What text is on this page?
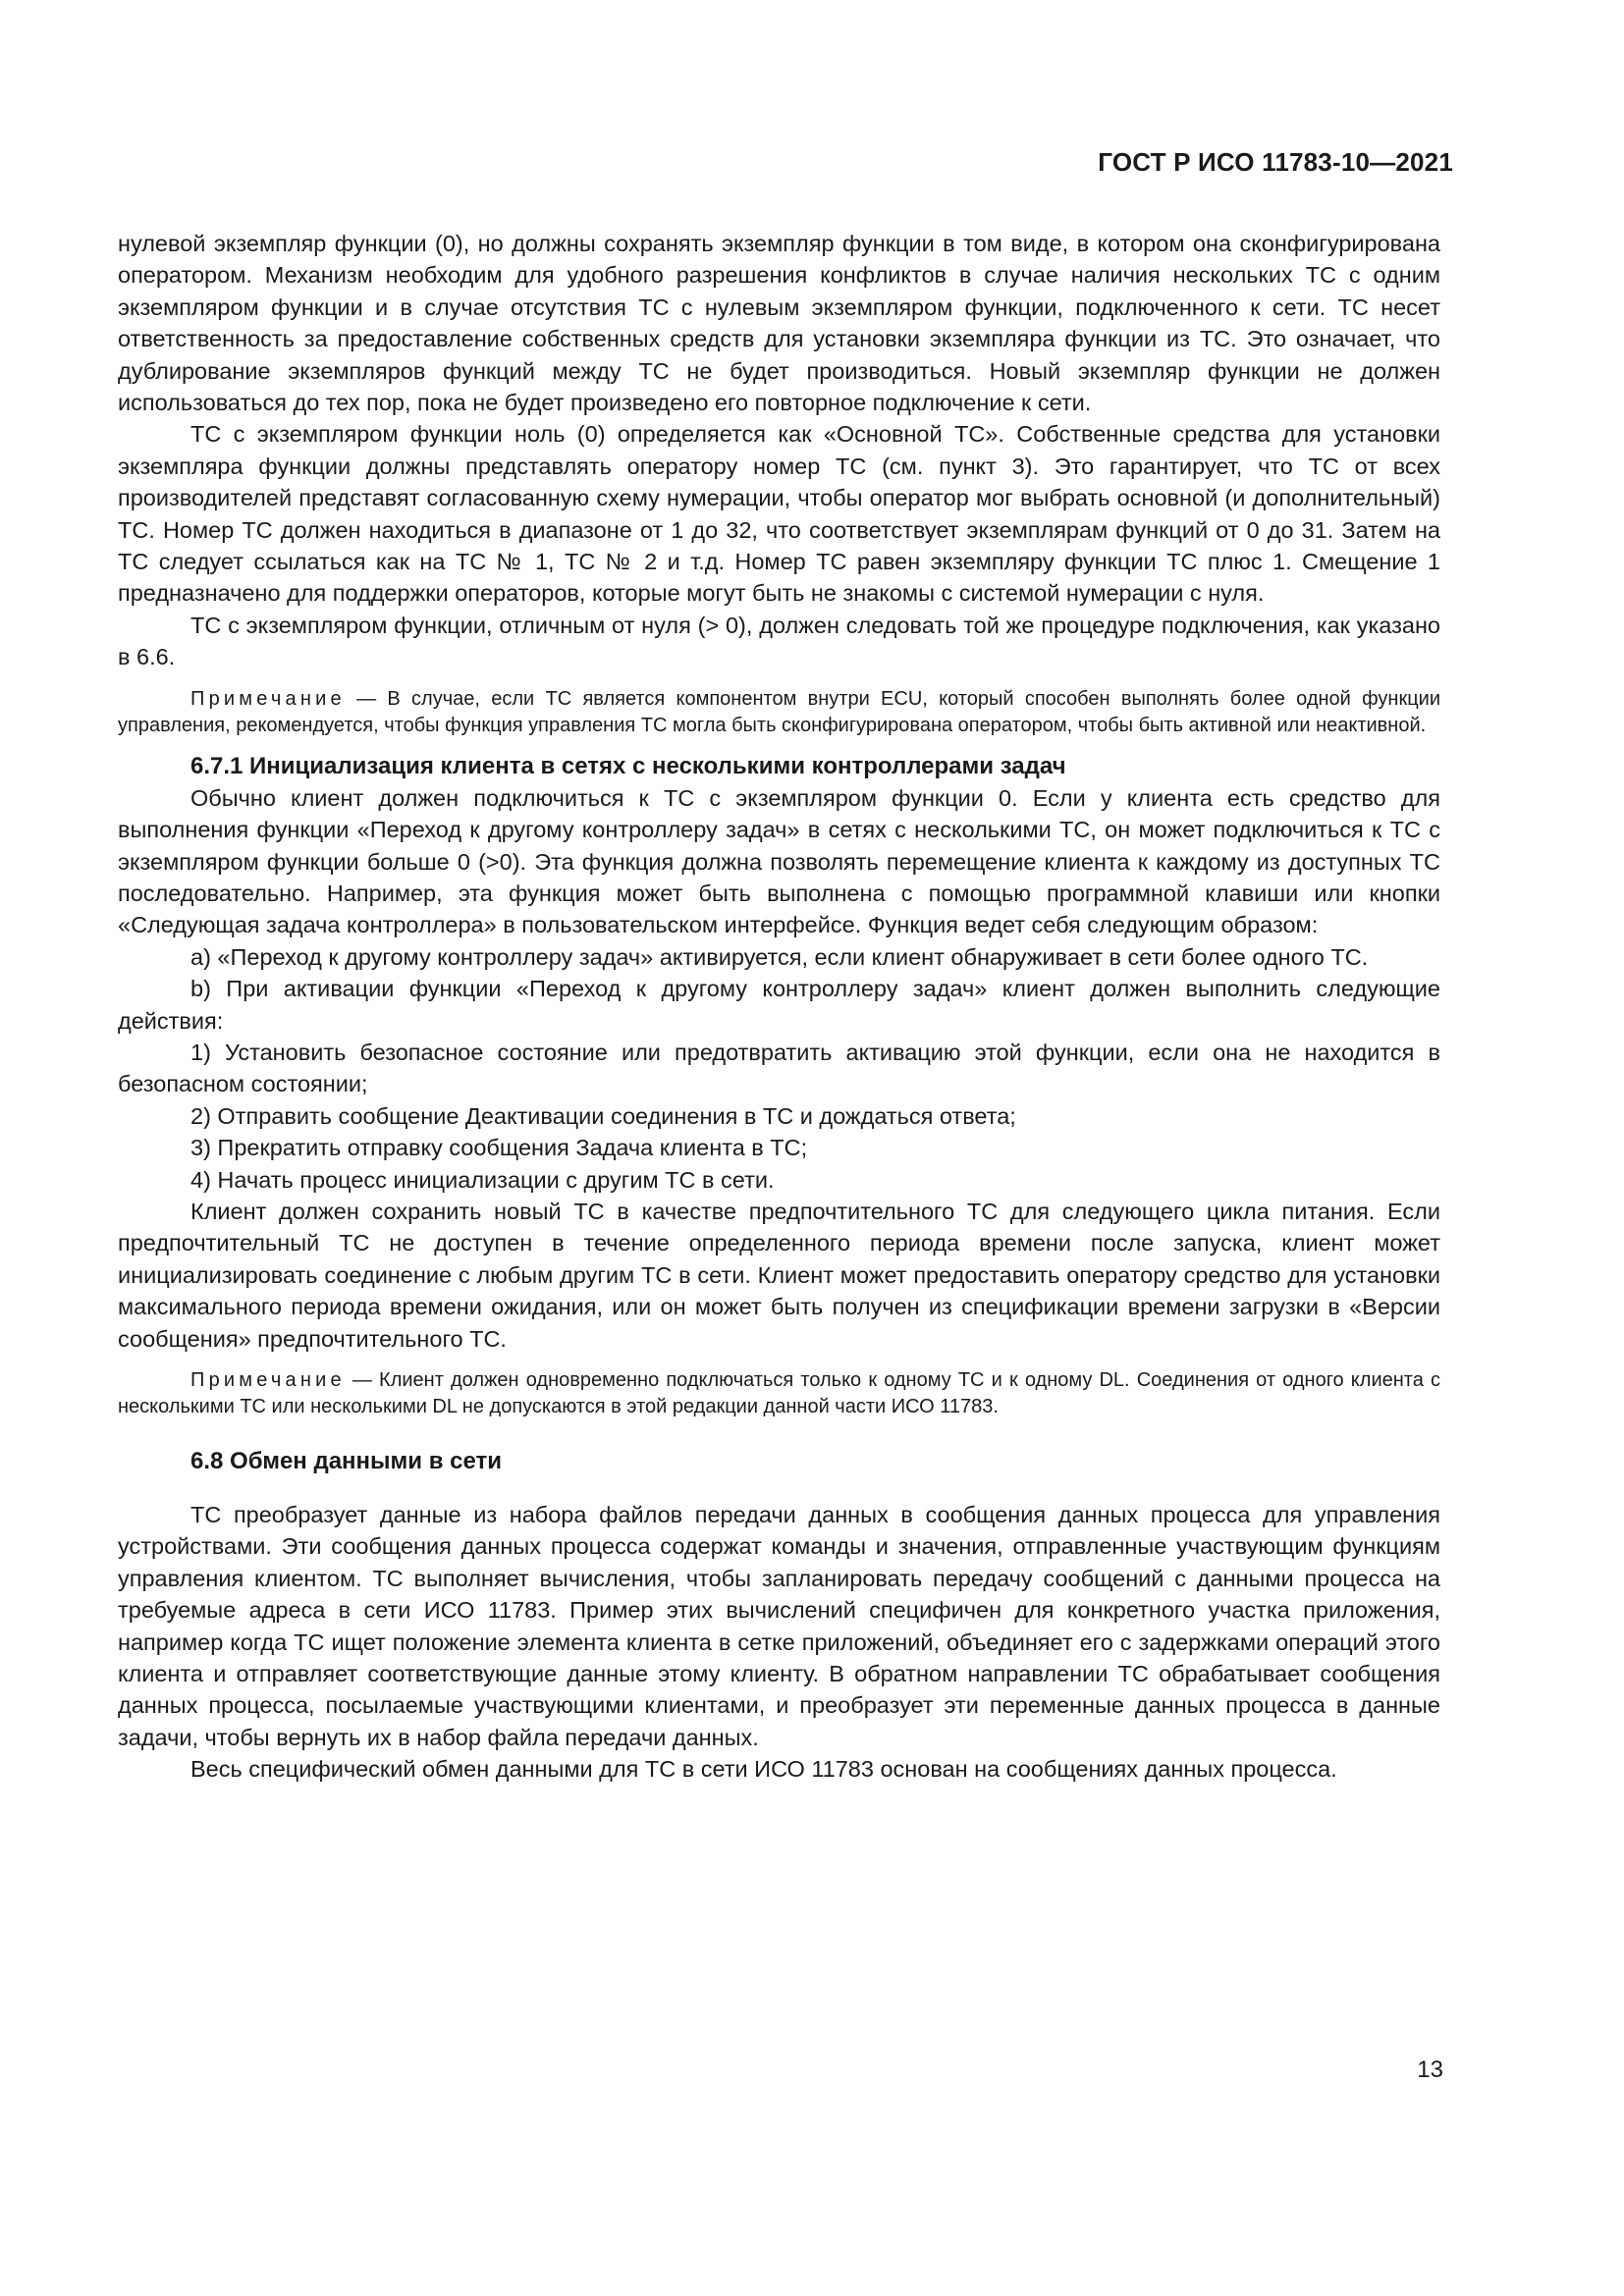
ГОСТ Р ИСО 11783-10—2021

нулевой экземпляр функции (0), но должны сохранять экземпляр функции в том виде, в котором она сконфигурирована оператором. Механизм необходим для удобного разрешения конфликтов в случае наличия нескольких ТС с одним экземпляром функции и в случае отсутствия ТС с нулевым экземпляром функции, подключенного к сети. ТС несет ответственность за предоставление собственных средств для установки экземпляра функции из ТС. Это означает, что дублирование экземпляров функций между ТС не будет производиться. Новый экземпляр функции не должен использоваться до тех пор, пока не будет произведено его повторное подключение к сети.

ТС с экземпляром функции ноль (0) определяется как «Основной ТС». Собственные средства для установки экземпляра функции должны представлять оператору номер ТС (см. пункт 3). Это гарантирует, что ТС от всех производителей представят согласованную схему нумерации, чтобы оператор мог выбрать основной (и дополнительный) ТС. Номер ТС должен находиться в диапазоне от 1 до 32, что соответствует экземплярам функций от 0 до 31. Затем на ТС следует ссылаться как на ТС № 1, ТС № 2 и т.д. Номер ТС равен экземпляру функции ТС плюс 1. Смещение 1 предназначено для поддержки операторов, которые могут быть не знакомы с системой нумерации с нуля.

ТС с экземпляром функции, отличным от нуля (> 0), должен следовать той же процедуре подключения, как указано в 6.6.

Примечание — В случае, если ТС является компонентом внутри ECU, который способен выполнять более одной функции управления, рекомендуется, чтобы функция управления ТС могла быть сконфигурирована оператором, чтобы быть активной или неактивной.

6.7.1 Инициализация клиента в сетях с несколькими контроллерами задач

Обычно клиент должен подключиться к ТС с экземпляром функции 0. Если у клиента есть средство для выполнения функции «Переход к другому контроллеру задач» в сетях с несколькими ТС, он может подключиться к ТС с экземпляром функции больше 0 (>0). Эта функция должна позволять перемещение клиента к каждому из доступных ТС последовательно. Например, эта функция может быть выполнена с помощью программной клавиши или кнопки «Следующая задача контроллера» в пользовательском интерфейсе. Функция ведет себя следующим образом:

a) «Переход к другому контроллеру задач» активируется, если клиент обнаруживает в сети более одного ТС.

b) При активации функции «Переход к другому контроллеру задач» клиент должен выполнить следующие действия:

1) Установить безопасное состояние или предотвратить активацию этой функции, если она не находится в безопасном состоянии;

2) Отправить сообщение Деактивации соединения в ТС и дождаться ответа;

3) Прекратить отправку сообщения Задача клиента в ТС;

4) Начать процесс инициализации с другим ТС в сети.

Клиент должен сохранить новый ТС в качестве предпочтительного ТС для следующего цикла питания. Если предпочтительный ТС не доступен в течение определенного периода времени после запуска, клиент может инициализировать соединение с любым другим ТС в сети. Клиент может предоставить оператору средство для установки максимального периода времени ожидания, или он может быть получен из спецификации времени загрузки в «Версии сообщения» предпочтительного ТС.

Примечание — Клиент должен одновременно подключаться только к одному ТС и к одному DL. Соединения от одного клиента с несколькими ТС или несколькими DL не допускаются в этой редакции данной части ИСО 11783.

6.8 Обмен данными в сети

ТС преобразует данные из набора файлов передачи данных в сообщения данных процесса для управления устройствами. Эти сообщения данных процесса содержат команды и значения, отправленные участвующим функциям управления клиентом. ТС выполняет вычисления, чтобы запланировать передачу сообщений с данными процесса на требуемые адреса в сети ИСО 11783. Пример этих вычислений специфичен для конкретного участка приложения, например когда ТС ищет положение элемента клиента в сетке приложений, объединяет его с задержками операций этого клиента и отправляет соответствующие данные этому клиенту. В обратном направлении ТС обрабатывает сообщения данных процесса, посылаемые участвующими клиентами, и преобразует эти переменные данных процесса в данные задачи, чтобы вернуть их в набор файла передачи данных.

Весь специфический обмен данными для ТС в сети ИСО 11783 основан на сообщениях данных процесса.

13
